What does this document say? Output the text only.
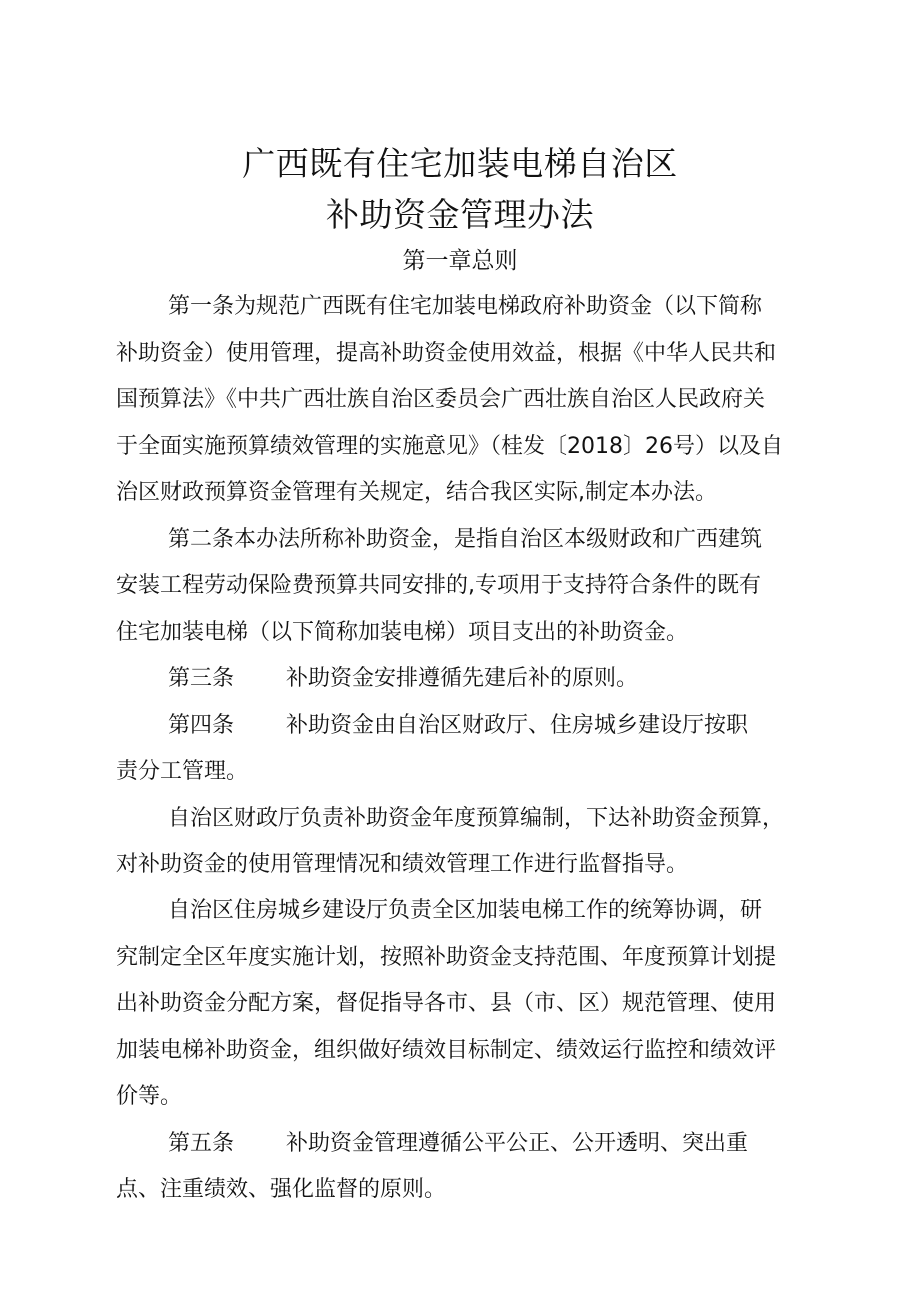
广西既有住宅加装电梯自治区
补助资金管理办法
第一章总则
第一条为规范广西既有住宅加装电梯政府补助资金（以下简称
补助资金）使用管理，提高补助资金使用效益，根据《中华人民共和
国预算法》《中共广西壮族自治区委员会广西壮族自治区人民政府关
于全面实施预算绩效管理的实施意见》（桂发〔2018〕26号）以及自
治区财政预算资金管理有关规定，结合我区实际,制定本办法。
第二条本办法所称补助资金，是指自治区本级财政和广西建筑
安装工程劳动保险费预算共同安排的,专项用于支持符合条件的既有
住宅加装电梯（以下简称加装电梯）项目支出的补助资金。
第三条 补助资金安排遵循先建后补的原则。
第四条 补助资金由自治区财政厅、住房城乡建设厅按职
责分工管理。
自治区财政厅负责补助资金年度预算编制，下达补助资金预算，
对补助资金的使用管理情况和绩效管理工作进行监督指导。
自治区住房城乡建设厅负责全区加装电梯工作的统筹协调，研
究制定全区年度实施计划，按照补助资金支持范围、年度预算计划提
出补助资金分配方案，督促指导各市、县（市、区）规范管理、使用
加装电梯补助资金，组织做好绩效目标制定、绩效运行监控和绩效评
价等。
第五条 补助资金管理遵循公平公正、公开透明、突出重
点、注重绩效、强化监督的原则。
